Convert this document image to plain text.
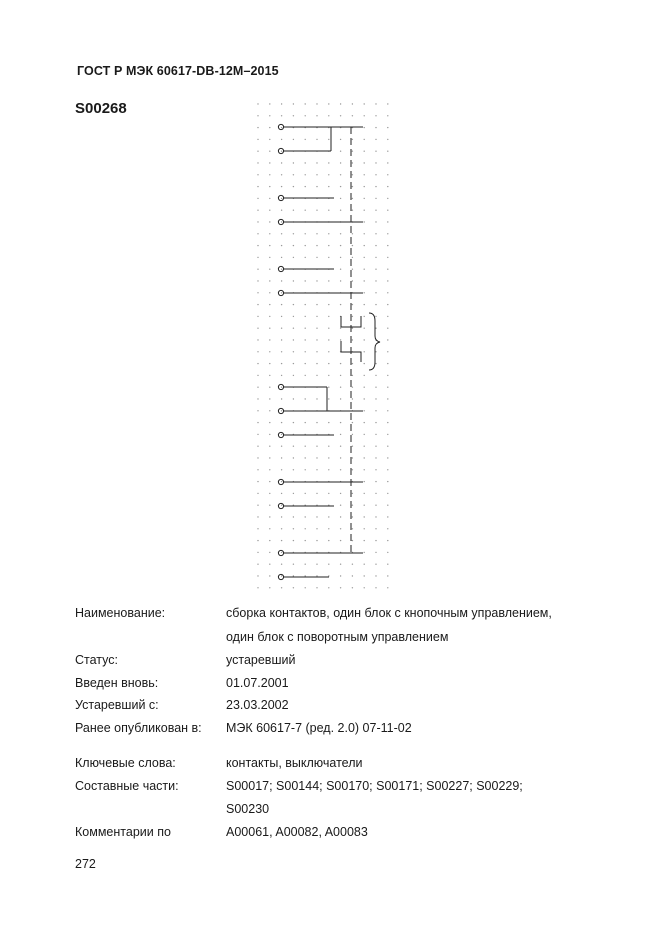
ГОСТ Р МЭК 60617-DB-12M–2015
S00268
Наименование:	сборка контактов, один блок с кнопочным управлением,
один блок с поворотным управлением
Статус:	устаревший
Введен вновь:	01.07.2001
Устаревший с:	23.03.2002
Ранее опубликован в: МЭК 60617-7 (ред. 2.0) 07-11-02
Ключевые слова:	контакты, выключатели
Составные части:	S00017; S00144; S00170; S00171; S00227; S00229;
S00230
Комментарии по	A00061, A00082, A00083
272
